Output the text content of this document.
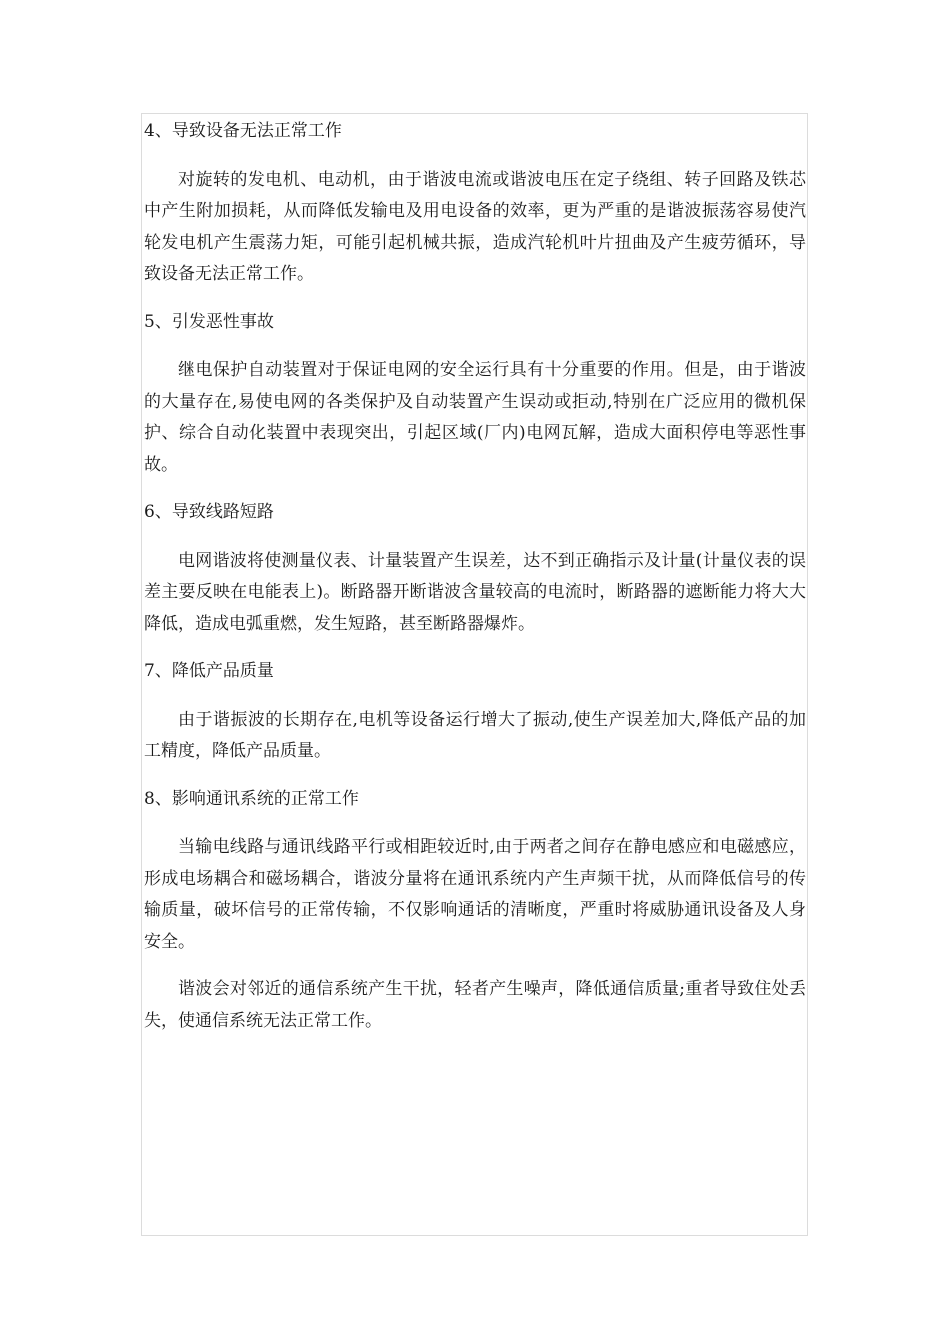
4、导致设备无法正常工作

对旋转的发电机、电动机，由于谐波电流或谐波电压在定子绕组、转子回路及铁芯中产生附加损耗，从而降低发输电及用电设备的效率，更为严重的是谐波振荡容易使汽轮发电机产生震荡力矩，可能引起机械共振，造成汽轮机叶片扭曲及产生疲劳循环，导致设备无法正常工作。

5、引发恶性事故

继电保护自动装置对于保证电网的安全运行具有十分重要的作用。但是，由于谐波的大量存在,易使电网的各类保护及自动装置产生误动或拒动,特别在广泛应用的微机保护、综合自动化装置中表现突出，引起区域(厂内)电网瓦解，造成大面积停电等恶性事故。

6、导致线路短路

电网谐波将使测量仪表、计量装置产生误差，达不到正确指示及计量(计量仪表的误差主要反映在电能表上)。断路器开断谐波含量较高的电流时，断路器的遮断能力将大大降低，造成电弧重燃，发生短路，甚至断路器爆炸。

7、降低产品质量

由于谐振波的长期存在,电机等设备运行增大了振动,使生产误差加大,降低产品的加工精度，降低产品质量。

8、影响通讯系统的正常工作

当输电线路与通讯线路平行或相距较近时,由于两者之间存在静电感应和电磁感应，形成电场耦合和磁场耦合，谐波分量将在通讯系统内产生声频干扰，从而降低信号的传输质量，破坏信号的正常传输，不仅影响通话的清晰度，严重时将威胁通讯设备及人身安全。

谐波会对邻近的通信系统产生干扰，轻者产生噪声，降低通信质量;重者导致住处丢失，使通信系统无法正常工作。
